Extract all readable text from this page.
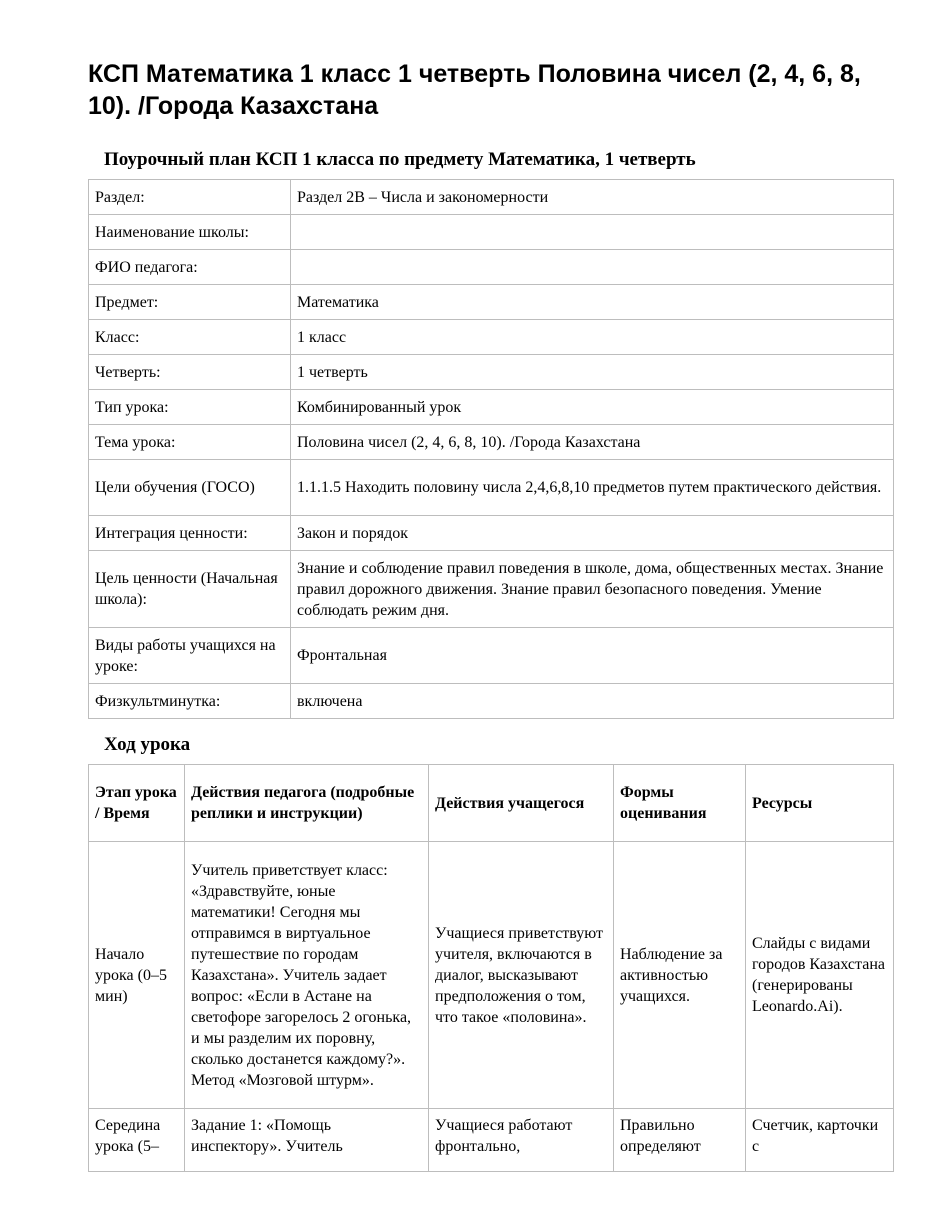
КСП Математика 1 класс 1 четверть Половина чисел (2, 4, 6, 8, 10). /Города Казахстана
Поурочный план КСП 1 класса по предмету Математика, 1 четверть
Раздел:	Раздел 2В – Числа и закономерности
Наименование школы:	
ФИО педагога:	
Предмет:	Математика
Класс:	1 класс
Четверть:	1 четверть
Тип урока:	Комбинированный урок
Тема урока:	Половина чисел (2, 4, 6, 8, 10). /Города Казахстана
Цели обучения (ГОСО)	1.1.1.5 Находить половину числа 2,4,6,8,10 предметов путем практического действия.
Интеграция ценности:	Закон и порядок
Цель ценности (Начальная школа):	Знание и соблюдение правил поведения в школе, дома, общественных местах. Знание правил дорожного движения. Знание правил безопасного поведения. Умение соблюдать режим дня.
Виды работы учащихся на уроке:	Фронтальная
Физкультминутка:	включена
Ход урока
Этап урока / Время	Действия педагога (подробные реплики и инструкции)	Действия учащегося	Формы оценивания	Ресурсы
Начало урока (0–5 мин)	Учитель приветствует класс: «Здравствуйте, юные математики! Сегодня мы отправимся в виртуальное путешествие по городам Казахстана». Учитель задает вопрос: «Если в Астане на светофоре загорелось 2 огонька, и мы разделим их поровну, сколько достанется каждому?». Метод «Мозговой штурм».	Учащиеся приветствуют учителя, включаются в диалог, высказывают предположения о том, что такое «половина».	Наблюдение за активностью учащихся.	Слайды с видами городов Казахстана (генерированы Leonardo.Ai).

Середина урока (5–	Задание 1: «Помощь инспектору». Учитель	Учащиеся работают фронтально,	Правильно определяют	Счетчик, карточки с
